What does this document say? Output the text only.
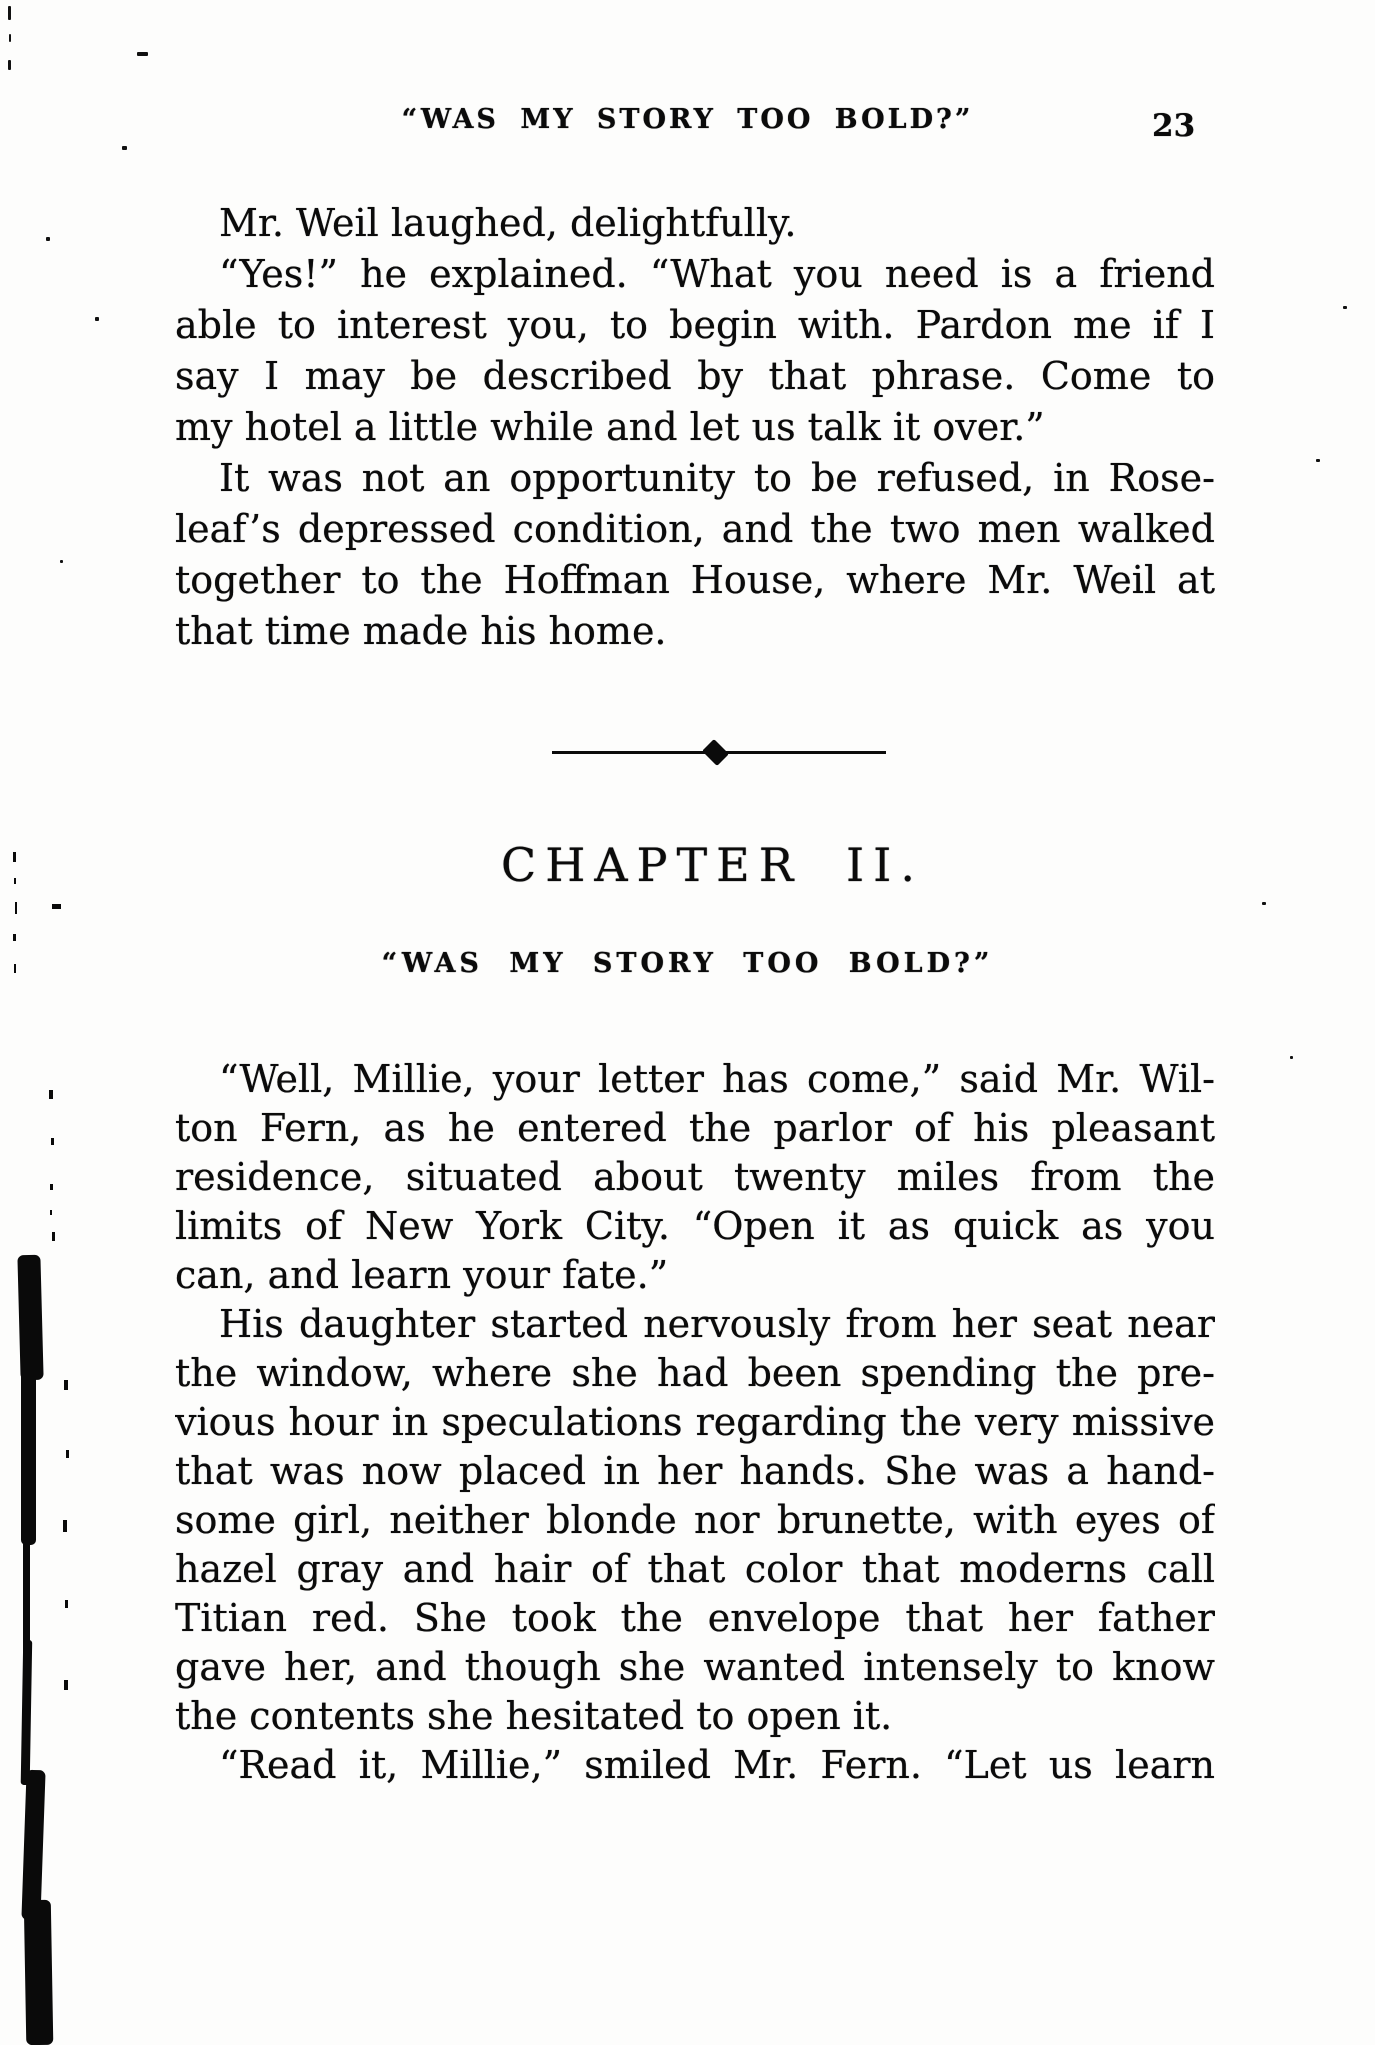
“WAS MY STORY TOO BOLD?”	23
Mr. Weil laughed, delightfully.
“Yes!” he explained. “What you need is a friend
able to interest you, to begin with. Pardon me if I
say I may be described by that phrase. Come to
my hotel a little while and let us talk it over.”
It was not an opportunity to be refused, in Rose-
leaf’s depressed condition, and the two men walked
together to the Hoffman House, where Mr. Weil at
that time made his home.
CHAPTER II.
“WAS MY STORY TOO BOLD?”
“Well, Millie, your letter has come,” said Mr. Wil-
ton Fern, as he entered the parlor of his pleasant
residence, situated about twenty miles from the
limits of New York City. “Open it as quick as you
can, and learn your fate.”
His daughter started nervously from her seat near
the window, where she had been spending the pre-
vious hour in speculations regarding the very missive
that was now placed in her hands. She was a hand-
some girl, neither blonde nor brunette, with eyes of
hazel gray and hair of that color that moderns call
Titian red. She took the envelope that her father
gave her, and though she wanted intensely to know
the contents she hesitated to open it.
“Read it, Millie,” smiled Mr. Fern. “Let us learn
